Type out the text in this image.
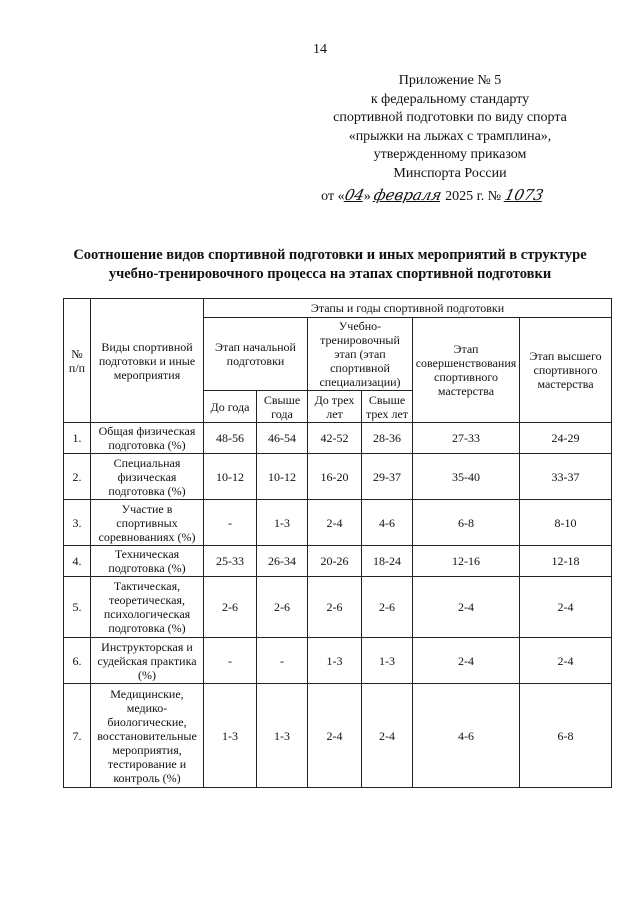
14
Приложение № 5
к федеральному стандарту
спортивной подготовки по виду спорта
«прыжки на лыжах с трамплина»,
утвержденному приказом
Минспорта России
от «04» февраля 2025 г. № 1073
Соотношение видов спортивной подготовки и иных мероприятий в структуре
учебно-тренировочного процесса на этапах спортивной подготовки
№ п/п	Виды спортивной подготовки и иные мероприятия	Этапы и годы спортивной подготовки					
		Этап начальной подготовки		Учебно-тренировочный этап (этап спортивной специализации)		Этап совершенствования спортивного мастерства	Этап высшего спортивного мастерства
		До года	Свыше года	До трех лет	Свыше трех лет		
1.	Общая физическая подготовка (%)	48-56	46-54	42-52	28-36	27-33	24-29
2.	Специальная физическая подготовка (%)	10-12	10-12	16-20	29-37	35-40	33-37
3.	Участие в спортивных соревнованиях (%)	-	1-3	2-4	4-6	6-8	8-10
4.	Техническая подготовка (%)	25-33	26-34	20-26	18-24	12-16	12-18
5.	Тактическая, теоретическая, психологическая подготовка (%)	2-6	2-6	2-6	2-6	2-4	2-4
6.	Инструкторская и судейская практика (%)	-	-	1-3	1-3	2-4	2-4
7.	Медицинские, медико-биологические, восстановительные мероприятия, тестирование и контроль (%)	1-3	1-3	2-4	2-4	4-6	6-8
